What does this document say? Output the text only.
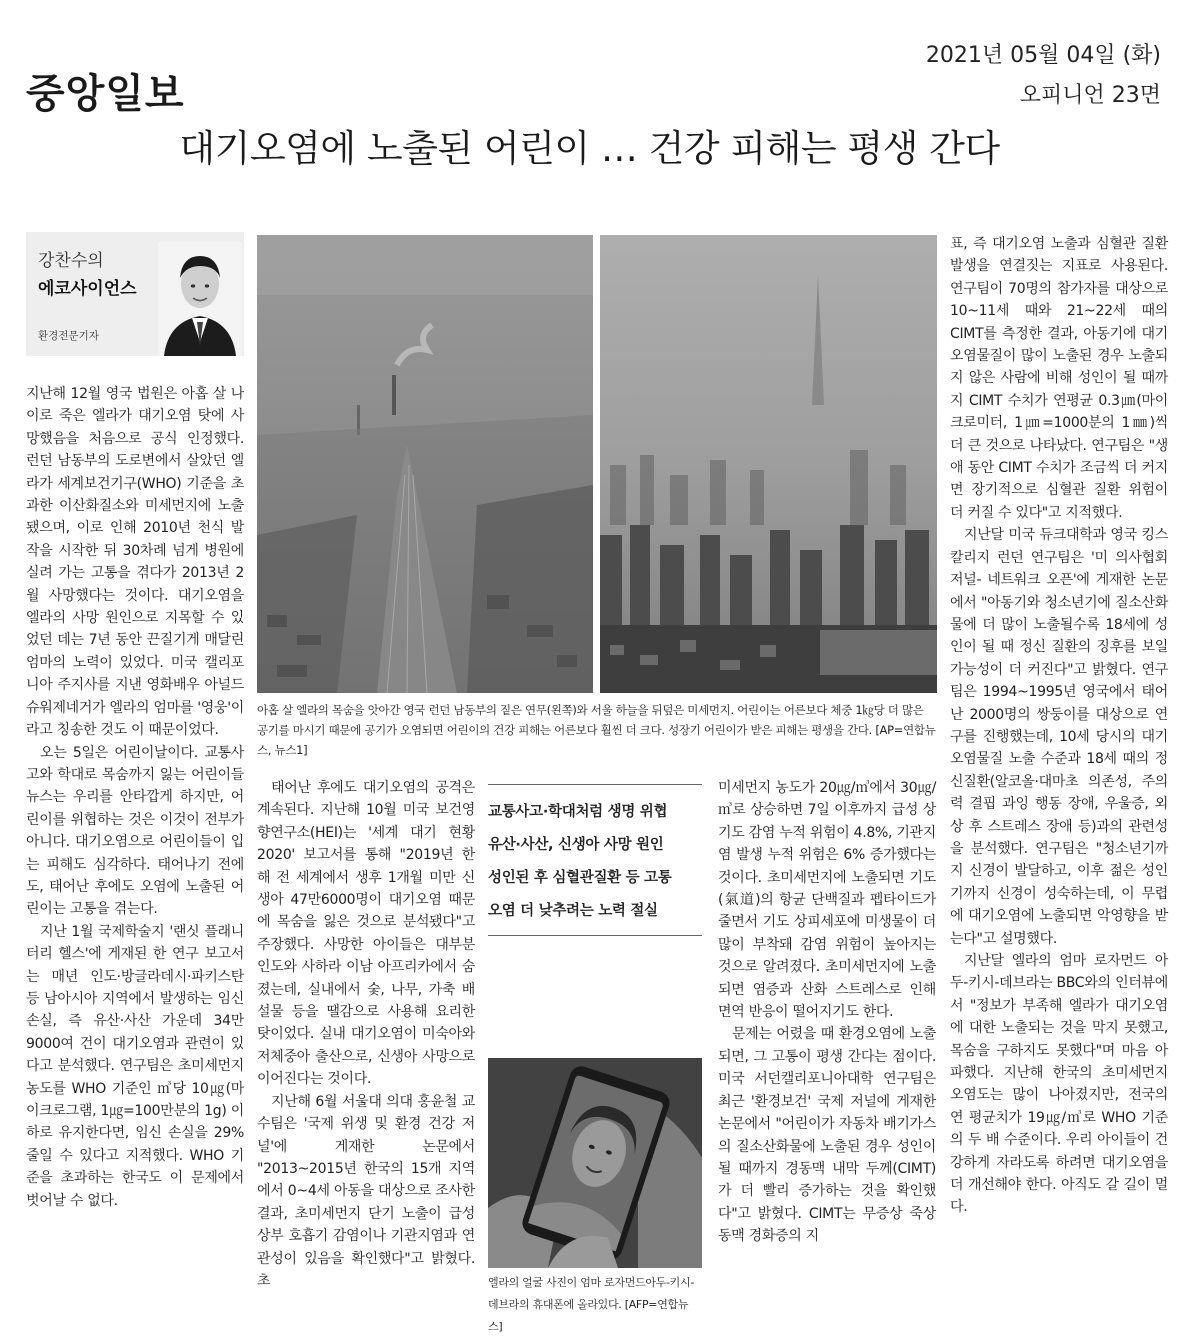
중앙일보
2021년 05월 04일 (화)
오피니언 23면
대기오염에 노출된 어린이 … 건강 피해는 평생 간다
강찬수의
에코사이언스
환경전문기자
아홉 살 엘라의 목숨을 앗아간 영국 런던 남동부의 짙은 연무(왼쪽)와 서울 하늘을 뒤덮은 미세먼지. 어린이는 어른보다 체중 1㎏당 더 많은 공기를 마시기 때문에 공기가 오염되면 어린이의 건강 피해는 어른보다 훨씬 더 크다. 성장기 어린이가 받은 피해는 평생을 간다. [AP=연합뉴스, 뉴스1]

지난해 12월 영국 법원은 아홉 살 나이로 죽은 엘라가 대기오염 탓에 사망했음을 처음으로 공식 인정했다. 런던 남동부의 도로변에서 살았던 엘라가 세계보건기구(WHO) 기준을 초과한 이산화질소와 미세먼지에 노출됐으며, 이로 인해 2010년 천식 발작을 시작한 뒤 30차례 넘게 병원에 실려 가는 고통을 겪다가 2013년 2월 사망했다는 것이다. 대기오염을 엘라의 사망 원인으로 지목할 수 있었던 데는 7년 동안 끈질기게 매달린 엄마의 노력이 있었다. 미국 캘리포니아 주지사를 지낸 영화배우 아널드 슈워제네거가 엘라의 엄마를 '영웅'이라고 칭송한 것도 이 때문이었다.

오는 5일은 어린이날이다. 교통사고와 학대로 목숨까지 잃는 어린이들 뉴스는 우리를 안타깝게 하지만, 어린이를 위협하는 것은 이것이 전부가 아니다. 대기오염으로 어린이들이 입는 피해도 심각하다. 태어나기 전에도, 태어난 후에도 오염에 노출된 어린이는 고통을 겪는다.

지난 1월 국제학술지 '랜싯 플래니터리 헬스'에 게재된 한 연구 보고서는 매년 인도·방글라데시·파키스탄 등 남아시아 지역에서 발생하는 임신 손실, 즉 유산·사산 가운데 34만9000여 건이 대기오염과 관련이 있다고 분석했다. 연구팀은 초미세먼지 농도를 WHO 기준인 ㎥당 10㎍(마이크로그램, 1㎍=100만분의 1g) 이하로 유지한다면, 임신 손실을 29% 줄일 수 있다고 지적했다. WHO 기준을 초과하는 한국도 이 문제에서 벗어날 수 없다.

태어난 후에도 대기오염의 공격은 계속된다. 지난해 10월 미국 보건영향연구소(HEI)는 '세계 대기 현황 2020' 보고서를 통해 "2019년 한 해 전 세계에서 생후 1개월 미만 신생아 47만6000명이 대기오염 때문에 목숨을 잃은 것으로 분석됐다"고 주장했다. 사망한 아이들은 대부분 인도와 사하라 이남 아프리카에서 숨졌는데, 실내에서 숯, 나무, 가축 배설물 등을 땔감으로 사용해 요리한 탓이었다. 실내 대기오염이 미숙아와 저체중아 출산으로, 신생아 사망으로 이어진다는 것이다.

지난해 6월 서울대 의대 홍윤철 교수팀은 '국제 위생 및 환경 건강 저널'에 게재한 논문에서 "2013~2015년 한국의 15개 지역에서 0~4세 아동을 대상으로 조사한 결과, 초미세먼지 단기 노출이 급성 상부 호흡기 감염이나 기관지염과 연관성이 있음을 확인했다"고 밝혔다. 초

교통사고·학대처럼 생명 위협
유산·사산, 신생아 사망 원인
성인된 후 심혈관질환 등 고통
오염 더 낮추려는 노력 절실
엘라의 얼굴 사진이 엄마 로자먼드아두-키시-데브라의 휴대폰에 올라있다. [AFP=연합뉴스]

미세먼지 농도가 20㎍/㎥에서 30㎍/㎥로 상승하면 7일 이후까지 급성 상기도 감염 누적 위험이 4.8%, 기관지염 발생 누적 위험은 6% 증가했다는 것이다. 초미세먼지에 노출되면 기도(氣道)의 항균 단백질과 펩타이드가 줄면서 기도 상피세포에 미생물이 더 많이 부착돼 감염 위험이 높아지는 것으로 알려졌다. 초미세먼지에 노출되면 염증과 산화 스트레스로 인해 면역 반응이 떨어지기도 한다.

문제는 어렸을 때 환경오염에 노출되면, 그 고통이 평생 간다는 점이다. 미국 서던캘리포니아대학 연구팀은 최근 '환경보건' 국제 저널에 게재한 논문에서 "어린이가 자동차 배기가스의 질소산화물에 노출된 경우 성인이 될 때까지 경동맥 내막 두께(CIMT)가 더 빨리 증가하는 것을 확인했다"고 밝혔다. CIMT는 무증상 죽상 동맥 경화증의 지

표, 즉 대기오염 노출과 심혈관 질환 발생을 연결짓는 지표로 사용된다. 연구팀이 70명의 참가자를 대상으로 10~11세 때와 21~22세 때의 CIMT를 측정한 결과, 아동기에 대기 오염물질이 많이 노출된 경우 노출되지 않은 사람에 비해 성인이 될 때까지 CIMT 수치가 연평균 0.3㎛(마이크로미터, 1㎛=1000분의 1㎜)씩 더 큰 것으로 나타났다. 연구팀은 "생애 동안 CIMT 수치가 조금씩 더 커지면 장기적으로 심혈관 질환 위험이 더 커질 수 있다"고 지적했다.

지난달 미국 듀크대학과 영국 킹스칼리지 런던 연구팀은 '미 의사협회 저널- 네트워크 오픈'에 게재한 논문에서 "아동기와 청소년기에 질소산화물에 더 많이 노출될수록 18세에 성인이 될 때 정신 질환의 징후를 보일 가능성이 더 커진다"고 밝혔다. 연구팀은 1994~1995년 영국에서 태어난 2000명의 쌍둥이를 대상으로 연구를 진행했는데, 10세 당시의 대기 오염물질 노출 수준과 18세 때의 정신질환(알코올·대마초 의존성, 주의력 결핍 과잉 행동 장애, 우울증, 외상 후 스트레스 장애 등)과의 관련성을 분석했다. 연구팀은 "청소년기까지 신경이 발달하고, 이후 젊은 성인기까지 신경이 성숙하는데, 이 무렵에 대기오염에 노출되면 악영향을 받는다"고 설명했다.

지난달 엘라의 엄마 로자먼드 아두-키시-데브라는 BBC와의 인터뷰에서 "정보가 부족해 엘라가 대기오염에 대한 노출되는 것을 막지 못했고, 목숨을 구하지도 못했다"며 마음 아파했다. 지난해 한국의 초미세먼지 오염도는 많이 나아졌지만, 전국의 연 평균치가 19㎍/㎥로 WHO 기준의 두 배 수준이다. 우리 아이들이 건강하게 자라도록 하려면 대기오염을 더 개선해야 한다. 아직도 갈 길이 멀다.
